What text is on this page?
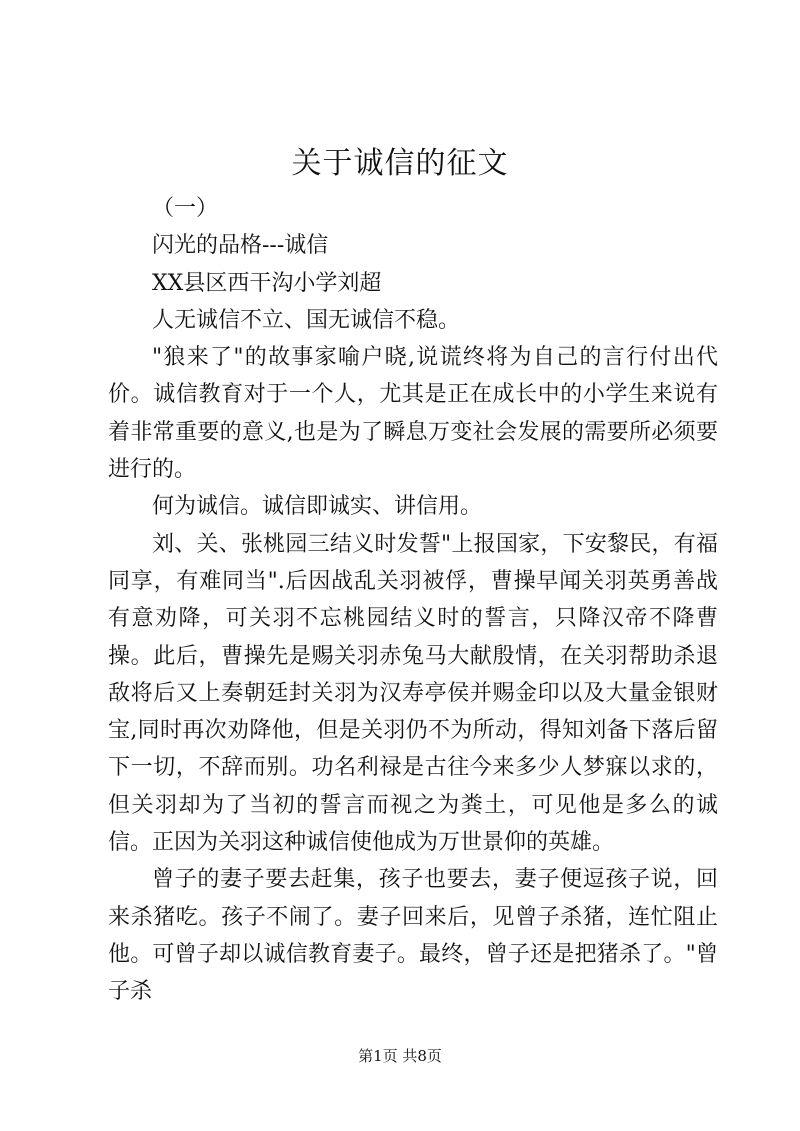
关于诚信的征文

（一）

闪光的品格---诚信

XX县区西干沟小学刘超

人无诚信不立、国无诚信不稳。

"狼来了"的故事家喻户晓,说谎终将为自己的言行付出代价。诚信教育对于一个人，尤其是正在成长中的小学生来说有着非常重要的意义,也是为了瞬息万变社会发展的需要所必须要进行的。

何为诚信。诚信即诚实、讲信用。

刘、关、张桃园三结义时发誓"上报国家，下安黎民，有福同享，有难同当".后因战乱关羽被俘，曹操早闻关羽英勇善战有意劝降，可关羽不忘桃园结义时的誓言，只降汉帝不降曹操。此后，曹操先是赐关羽赤兔马大献殷情，在关羽帮助杀退敌将后又上奏朝廷封关羽为汉寿亭侯并赐金印以及大量金银财宝,同时再次劝降他，但是关羽仍不为所动，得知刘备下落后留下一切，不辞而别。功名利禄是古往今来多少人梦寐以求的，但关羽却为了当初的誓言而视之为粪土，可见他是多么的诚信。正因为关羽这种诚信使他成为万世景仰的英雄。

曾子的妻子要去赶集，孩子也要去，妻子便逗孩子说，回来杀猪吃。孩子不闹了。妻子回来后，见曾子杀猪，连忙阻止他。可曾子却以诚信教育妻子。最终，曾子还是把猪杀了。"曾子杀

第1页 共8页
